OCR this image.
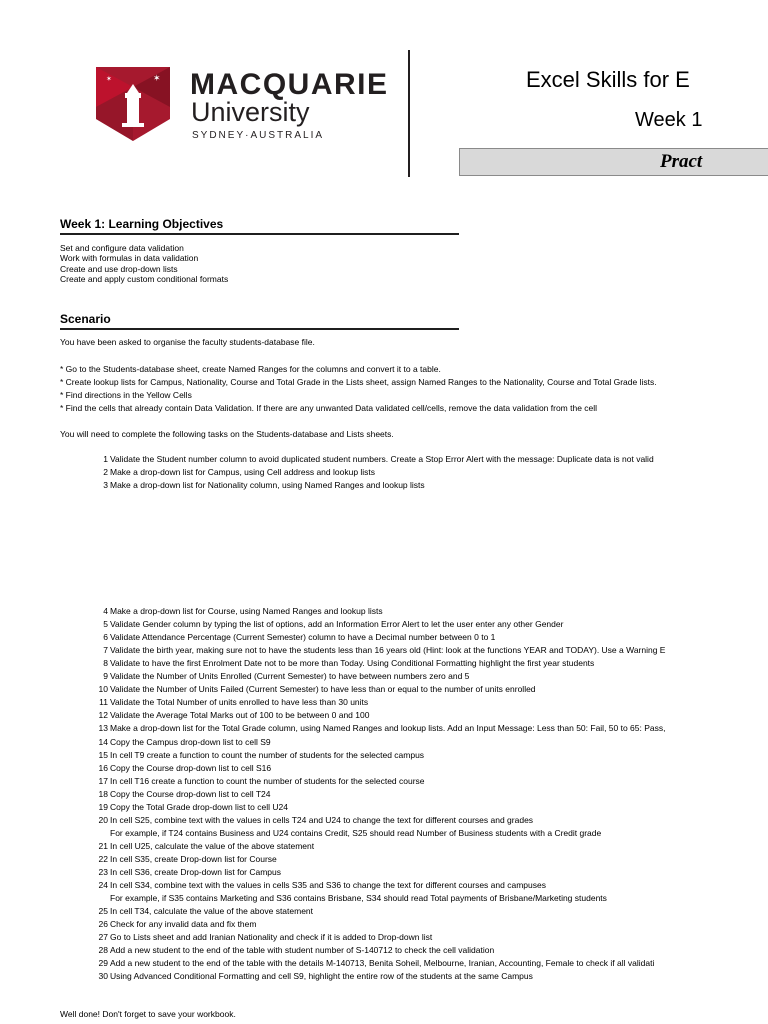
✶
✶	MACQUARIE
University
SYDNEY·AUSTRALIA
Excel Skills for E
Week 1
Pract
Week 1: Learning Objectives
Set and configure data validation
Work with formulas in data validation
Create and use drop-down lists
Create and apply custom conditional formats
Scenario
You have been asked to organise the faculty students-database file.
* Go to the Students-database sheet, create Named Ranges for the columns and convert it to a table.
* Create lookup lists for Campus, Nationality, Course and Total Grade in the Lists sheet, assign Named Ranges to the Nationality, Course and Total Grade lists.
* Find directions in the Yellow Cells
* Find the cells that already contain Data Validation. If there are any unwanted Data validated cell/cells, remove the data validation from the cell
You will need to complete the following tasks on the Students-database and Lists sheets.
1 Validate the Student number column to avoid duplicated student numbers. Create a Stop Error Alert with the message: Duplicate data is not valid
2 Make a drop-down list for Campus, using Cell address and lookup lists
3 Make a drop-down list for Nationality column, using Named Ranges and lookup lists
4 Make a drop-down list for Course, using Named Ranges and lookup lists
5 Validate Gender column by typing the list of options, add an Information Error Alert to let the user enter any other Gender
6 Validate Attendance Percentage (Current Semester) column to have a Decimal number between 0 to 1
7 Validate the birth year, making sure not to have the students less than 16 years old (Hint: look at the functions YEAR and TODAY). Use a Warning E
8 Validate to have the first Enrolment Date not to be more than Today. Using Conditional Formatting highlight the first year students
9 Validate the Number of Units Enrolled (Current Semester) to have between numbers zero and 5
10 Validate the Number of Units Failed (Current Semester) to have less than or equal to the number of units enrolled
11 Validate the Total Number of units enrolled to have less than 30 units
12 Validate the Average Total Marks out of 100 to be between 0 and 100
13 Make a drop-down list for the Total Grade column, using Named Ranges and lookup lists. Add an Input Message: Less than 50: Fail, 50 to 65: Pass,
14 Copy the Campus drop-down list to cell S9
15 In cell T9 create a function to count the number of students for the selected campus
16 Copy the Course drop-down list to cell S16
17 In cell T16 create a function to count the number of students for the selected course
18 Copy the Course drop-down list to cell T24
19 Copy the Total Grade drop-down list to cell U24
20 In cell S25, combine text with the values in cells T24 and U24 to change the text for different courses and grades
For example, if T24 contains Business and U24 contains Credit, S25 should read Number of Business students with a Credit grade
21 In cell U25, calculate the value of the above statement
22 In cell S35, create Drop-down list for Course
23 In cell S36, create Drop-down list for Campus
24 In cell S34, combine text with the values in cells S35 and S36 to change the text for different courses and campuses
For example, if S35 contains Marketing and S36 contains Brisbane, S34 should read Total payments of Brisbane/Marketing students
25 In cell T34, calculate the value of the above statement
26 Check for any invalid data and fix them
27 Go to Lists sheet and add Iranian Nationality and check if it is added to Drop-down list
28 Add a new student to the end of the table with student number of S-140712 to check the cell validation
29 Add a new student to the end of the table with the details M-140713, Benita Soheil, Melbourne, Iranian, Accounting, Female to check if all validati
30 Using Advanced Conditional Formatting and cell S9, highlight the entire row of the students at the same Campus
Well done! Don't forget to save your workbook.
